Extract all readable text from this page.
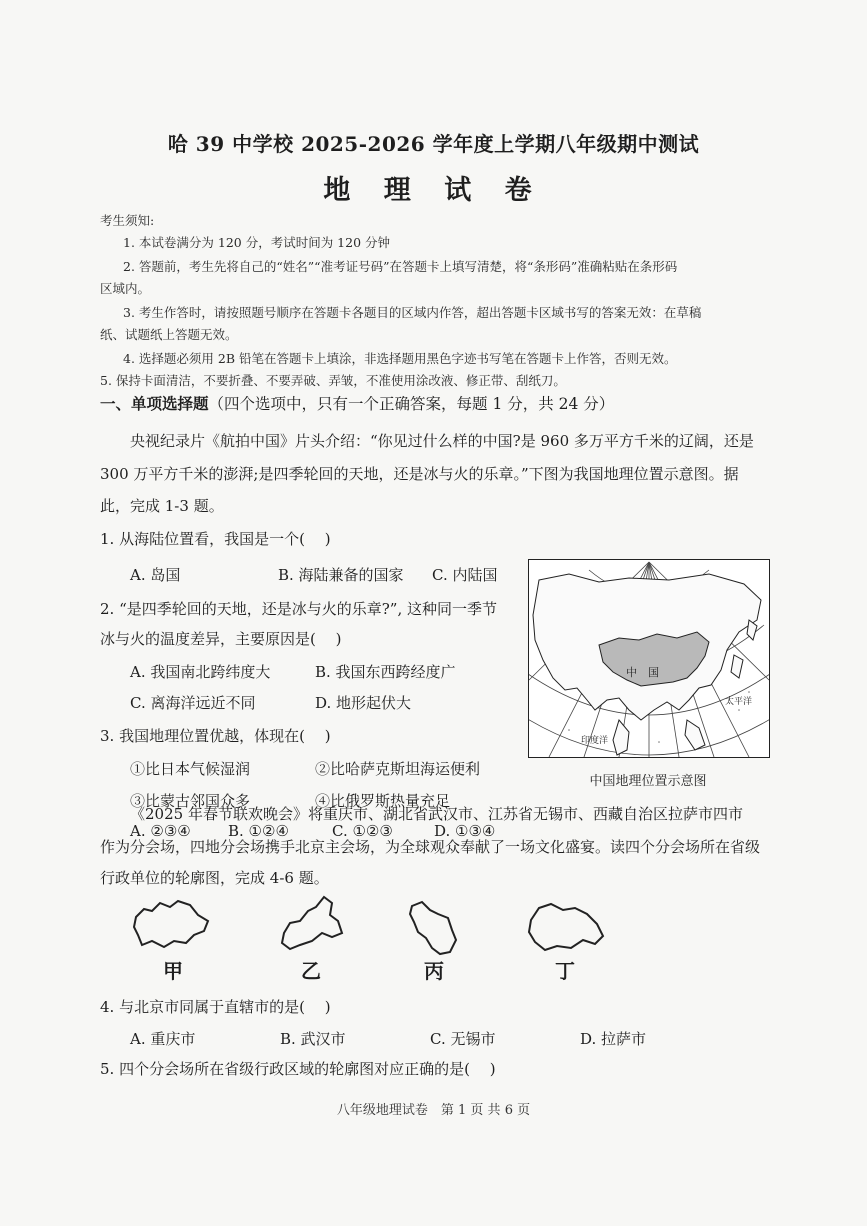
哈 39 中学校 2025-2026 学年度上学期八年级期中测试
地 理 试 卷
考生须知:
1. 本试卷满分为 120 分，考试时间为 120 分钟
2. 答题前，考生先将自己的“姓名”“准考证号码”在答题卡上填写清楚，将“条形码”准确粘贴在条形码
区域内。
3. 考生作答时，请按照题号顺序在答题卡各题目的区域内作答，超出答题卡区域书写的答案无效：在草稿
纸、试题纸上答题无效。
4. 选择题必须用 2B 铅笔在答题卡上填涂，非选择题用黑色字迹书写笔在答题卡上作答，否则无效。
5. 保持卡面清洁，不要折叠、不要弄破、弄皱，不准使用涂改液、修正带、刮纸刀。
一、单项选择题（四个选项中，只有一个正确答案，每题 1 分，共 24 分）
央视纪录片《航拍中国》片头介绍：“你见过什么样的中国?是 960 多万平方千米的辽阔，还是
300 万平方千米的澎湃;是四季轮回的天地，还是冰与火的乐章。”下图为我国地理位置示意图。据
此，完成 1-3 题。
1. 从海陆位置看，我国是一个(　 )
A. 岛国	B. 海陆兼备的国家 C. 内陆国
2. “是四季轮回的天地，还是冰与火的乐章?”, 这种同一季节
冰与火的温度差异，主要原因是(　 )
A. 我国南北跨纬度大	B. 我国东西跨经度广
C. 离海洋远近不同	D. 地形起伏大
3. 我国地理位置优越，体现在(　 )
①比日本气候湿润	②比哈萨克斯坦海运便利
③比蒙古邻国众多	④比俄罗斯热量充足
A. ②③④ B. ①②④	C. ①②③	D. ①③④
中　国
太平洋
印度洋
中国地理位置示意图
《2025 年春节联欢晚会》将重庆市、湖北省武汉市、江苏省无锡市、西藏自治区拉萨市四市
作为分会场，四地分会场携手北京主会场，为全球观众奉献了一场文化盛宴。读四个分会场所在省级
行政单位的轮廓图，完成 4-6 题。
甲	乙	丙	丁
4. 与北京市同属于直辖市的是(　 )
A. 重庆市	B. 武汉市	C. 无锡市	D. 拉萨市
5. 四个分会场所在省级行政区域的轮廓图对应正确的是(　 )
八年级地理试卷　第 1 页 共 6 页
